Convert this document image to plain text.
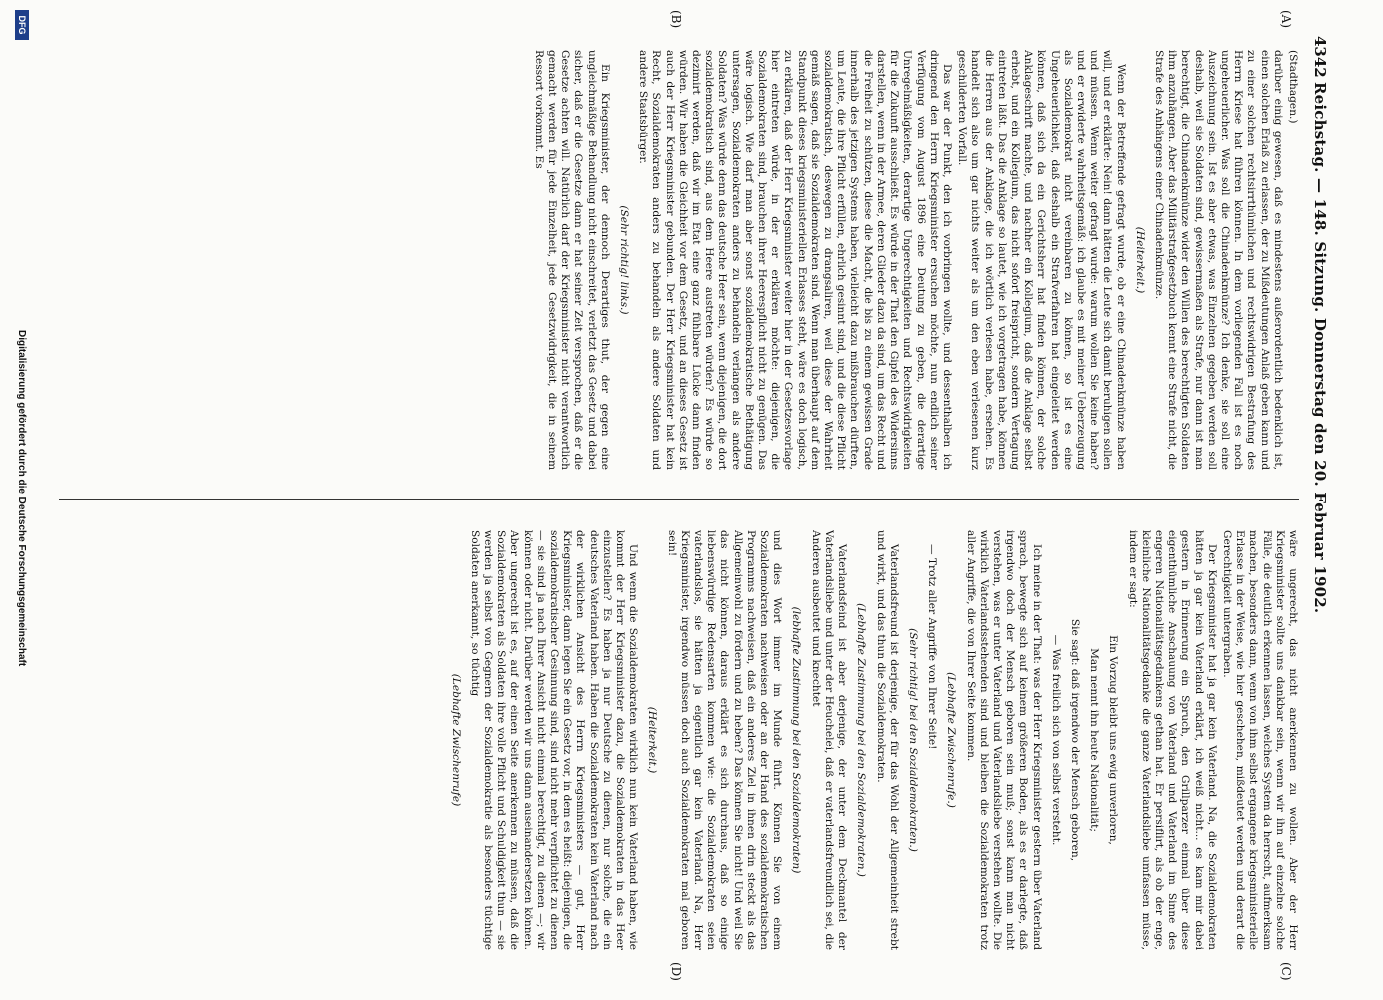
4342
Reichstag. — 148. Sitzung. Donnerstag den 20. Februar 1902.
(A)
(B)
(C)
(D)

(Stadthagen.)

darüber einig gewesen, daß es mindestens außerordentlich bedenklich ist, einen solchen Erlaß zu erlassen, der zu Mißdeutungen Anlaß geben kann und zu einer solchen rechtsirrthümlichen und rechtswidrigen Bestrafung des Herrn Kriese hat führen können. In dem vorliegenden Fall ist es noch ungeheuerlicher. Was soll die Chinadenkmünze? Ich denke, sie soll eine Auszeichnung sein. Ist es aber etwas, was Einzelnen gegeben werden soll deshalb, weil sie Soldaten sind, gewissermaßen als Strafe, nur dann ist man berechtigt, die Chinadenkmünze wider den Willen des berechtigten Soldaten ihm anzuhängen. Aber das Militärstrafgesetzbuch kennt eine Strafe nicht, die Strafe des Anhängens einer Chinadenkmünze.

(Heiterkeit.)

Wenn der Betreffende gefragt wurde, ob er eine Chinadenkmünze haben will, und er erklärte: Nein! dann hätten die Leute sich damit beruhigen sollen und müssen. Wenn weiter gefragt wurde: warum wollen Sie keine haben? und er erwiderte wahrheitsgemäß: ich glaube es mit meiner Ueberzeugung als Sozialdemokrat nicht vereinbaren zu können, so ist es eine Ungeheuerlichkeit, daß deshalb ein Strafverfahren hat eingeleitet werden können, daß sich da ein Gerichtsherr hat finden können, der solche Anklageschrift machte, und nachher ein Kollegium, daß die Anklage selbst erhebt, und ein Kollegium, das nicht sofort freispricht, sondern Vertagung eintreten läßt. Das die Anklage so lautet, wie ich vorgetragen habe, können die Herren aus der Anklage, die ich wörtlich verlesen habe, ersehen. Es handelt sich also um gar nichts weiter als um den eben verlesenen kurz geschilderten Vorfall.

Das war der Punkt, den ich vorbringen wollte, und dessenthalben ich dringend den Herrn Kriegsminister ersuchen möchte, nun endlich seiner Verfügung vom August 1896 eine Deutung zu geben, die derartige Unregelmäßigkeiten, derartige Ungerechtigkeiten und Rechtswidrigkeiten für die Zukunft ausschließt. Es würde in der That den Gipfel des Widersinns darstellen, wenn in der Armee, deren Glieder dazu da sind, um das Recht und die Freiheit zu schützen, diese die Macht, die bis zu einem gewissen Grade innerhalb des jetzigen Systems haben, vielleicht dazu mißbrauchen dürften, um Leute, die ihre Pflicht erfüllen, ehrlich gesinnt sind, und die diese Pflicht sozialdemokratisch, deswegen zu drangsaliren, weil diese der Wahrheit gemäß sagen, daß sie Sozialdemokraten sind. Wenn man überhaupt auf dem Standpunkt dieses kriegsministeriellen Erlasses steht, wäre es doch logisch, zu erklären, daß der Herr Kriegsminister weiter hier in der Gesetzesvorlage hier eintreten würde, in der er erklären möchte: diejenigen, die Sozialdemokraten sind, brauchen ihrer Heerespflicht nicht zu genügen. Das wäre logisch. Wie darf man aber sonst sozialdemokratische Bethätigung untersagen, Sozialdemokraten anders zu behandeln verlangen als andere Soldaten? Was würde denn das deutsche Heer sein, wenn diejenigen, die dort sozialdemokratisch sind, aus dem Heere austreten würden? Es würde so dezimirt werden, daß wir im Etat eine ganz fühlbare Lücke dann finden würden. Wir haben die Gleichheit vor dem Gesetz, und an dieses Gesetz ist auch der Herr Kriegsminister gebunden. Der Herr Kriegsminister hat kein Recht, Sozialdemokraten anders zu behandeln als andere Soldaten und andere Staatsbürger.

(Sehr richtig! links.)

Ein Kriegsminister, der dennoch Derartiges thut, der gegen eine ungleichmäßige Behandlung nicht einschreitet, verletzt das Gesetz und dabei sicher, daß er die Gesetze dann er hat seiner Zeit versprochen, daß er die Gesetze achten will. Natürlich darf der Kriegsminister nicht verantwortlich gemacht werden für jede Einzelheit, jede Gesetzwidrigkeit, die in seinem Ressort vorkommt. Es

wäre ungerecht, das nicht anerkennen zu wollen. Aber der Herr Kriegsminister sollte uns dankbar sein, wenn wir ihn auf einzelne solche Fälle, die deutlich erkennen lassen, welches System da herrscht, aufmerksam machen, besonders dann, wenn von ihm selbst ergangene kriegsministerielle Erlasse in der Weise, wie hier geschehen, mißdeutet werden und derart die Gerechtigkeit untergraben.

Der Kriegsminister hat ja gar kein Vaterland. Na, die Sozialdemokraten hätten ja gar kein Vaterland erklärt, ich weiß nicht... es kam mir dabei gestern in Erinnerung ein Spruch, den Grillparzer einmal über diese eigenthümliche Anschauung von Vaterland und Vaterland im Sinne des engeren Nationalitätsgedankens gethan hat. Er persiflirt, als ob der enge, kleinliche Nationalitätsgedanke die ganze Vaterlandsliebe umfassen müsse, indem er sagt:

Ein Vorzug bleibt uns ewig unverloren,

Man nennt ihn heute Nationalität;

Sie sagt: daß irgendwo der Mensch geboren,

— Was freilich sich von selbst versteht.

Ich meine in der That: was der Herr Kriegsminister gestern über Vaterland sprach, bewegte sich auf keinem größeren Boden, als es er darlegte, daß irgendwo doch der Mensch geboren sein muß; sonst kann man nicht verstehen, was er unter Vaterland und Vaterlandsliebe verstehen wollte. Die wirklich Vaterlandsstehenden sind und bleiben die Sozialdemokraten trotz aller Angriffe, die von Ihrer Seite kommen.

(Lebhafte Zwischenrufe.)

— Trotz aller Angriffe von Ihrer Seite!

(Sehr richtig! bei den Sozialdemokraten.)

Vaterlandsfreund ist derjenige, der für das Wohl der Allgemeinheit strebt und wirkt, und das thun die Sozialdemokraten.

(Lebhafte Zustimmung bei den Sozialdemokraten.)

Vaterlandsfeind ist aber derjenige, der unter dem Deckmantel der Vaterlandsliebe und unter der Heuchelei, daß er vaterlandsfreundlich sei, die Anderen ausbeutet und knechtet

(lebhafte Zustimmung bei den Sozialdemokraten)

und dies Wort immer im Munde führt. Können Sie von einem Sozialdemokraten nachweisen oder an der Hand des sozialdemokratischen Programms nachweisen, daß ein anderes Ziel in ihnen drin steckt als das Allgemeinwohl zu fördern und zu heben? Das können Sie nicht! Und weil Sie das nicht können, daraus erklärt es sich durchaus, daß so einige liebenswürdige Redensarten kommen wie: die Sozialdemokraten seien vaterlandslos, sie hätten ja eigentlich gar kein Vaterland. Na, Herr Kriegsminister, irgendwo müssen doch auch Sozialdemokraten mal geboren sein!

(Heiterkeit.)

Und wenn die Sozialdemokraten wirklich nun kein Vaterland haben, wie kommt der Herr Kriegsminister dazu, die Sozialdemokraten in das Heer einzustellen? Es haben ja nur Deutsche zu dienen, nur solche, die ein deutsches Vaterland haben. Haben die Sozialdemokraten kein Vaterland nach der wirklichen Ansicht des Herrn Kriegsministers — gut, Herr Kriegsminister, dann legen Sie ein Gesetz vor, in dem es heißt: diejenigen, die sozialdemokratischer Gesinnung sind, sind nicht mehr verpflichtet zu dienen — sie sind ja nach Ihrer Ansicht nicht einmal berechtigt, zu dienen —; wir können oder nicht. Darüber werden wir uns dann auseinandersetzen können. Aber ungerecht ist es, auf der einen Seite anerkennen zu müssen, daß die Sozialdemokraten als Soldaten ihre volle Pflicht und Schuldigkeit thun — sie werden ja selbst von Gegnern der Sozialdemokratie als besonders tüchtige Soldaten anerkannt, so tüchtig

(Lebhafte Zwischenrufe)

DFG
Digitalisierung gefördert durch die Deutsche Forschungsgemeinschaft
